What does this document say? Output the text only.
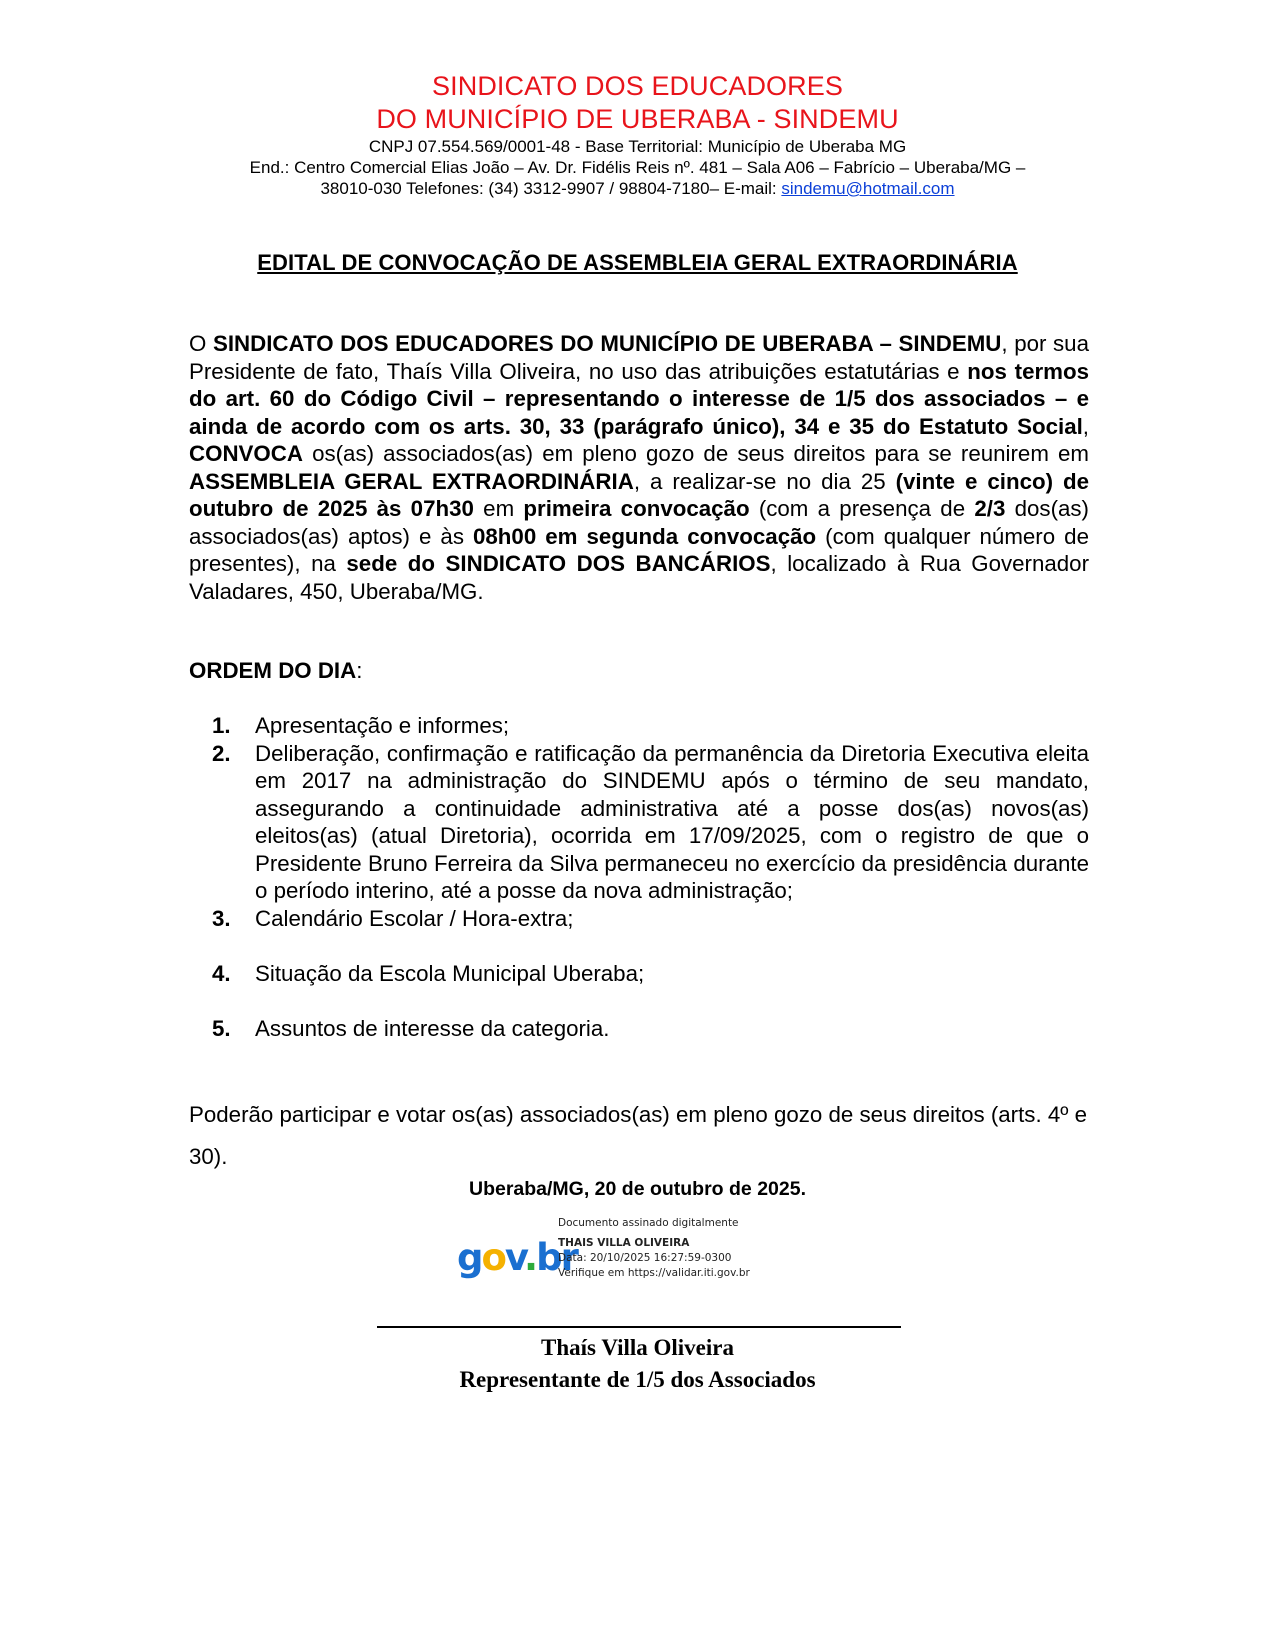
SINDICATO DOS EDUCADORES
DO MUNICÍPIO DE UBERABA - SINDEMU
CNPJ 07.554.569/0001-48 - Base Territorial: Município de Uberaba MG
End.: Centro Comercial Elias João – Av. Dr. Fidélis Reis nº. 481 – Sala A06 – Fabrício – Uberaba/MG –
38010-030 Telefones: (34) 3312-9907 / 98804-7180– E-mail: sindemu@hotmail.com
EDITAL DE CONVOCAÇÃO DE ASSEMBLEIA GERAL EXTRAORDINÁRIA
O SINDICATO DOS EDUCADORES DO MUNICÍPIO DE UBERABA – SINDEMU, por sua Presidente de fato, Thaís Villa Oliveira, no uso das atribuições estatutárias e nos termos do art. 60 do Código Civil – representando o interesse de 1/5 dos associados – e ainda de acordo com os arts. 30, 33 (parágrafo único), 34 e 35 do Estatuto Social, CONVOCA os(as) associados(as) em pleno gozo de seus direitos para se reunirem em ASSEMBLEIA GERAL EXTRAORDINÁRIA, a realizar-se no dia 25 (vinte e cinco) de outubro de 2025 às 07h30 em primeira convocação (com a presença de 2/3 dos(as) associados(as) aptos) e às 08h00 em segunda convocação (com qualquer número de presentes), na sede do SINDICATO DOS BANCÁRIOS, localizado à Rua Governador Valadares, 450, Uberaba/MG.
ORDEM DO DIA:
1. Apresentação e informes;
2. Deliberação, confirmação e ratificação da permanência da Diretoria Executiva eleita em 2017 na administração do SINDEMU após o término de seu mandato, assegurando a continuidade administrativa até a posse dos(as) novos(as) eleitos(as) (atual Diretoria), ocorrida em 17/09/2025, com o registro de que o Presidente Bruno Ferreira da Silva permaneceu no exercício da presidência durante o período interino, até a posse da nova administração;
3. Calendário Escolar / Hora-extra;
4. Situação da Escola Municipal Uberaba;
5. Assuntos de interesse da categoria.
Poderão participar e votar os(as) associados(as) em pleno gozo de seus direitos (arts. 4º e 30).
Uberaba/MG, 20 de outubro de 2025.
gov.br
Documento assinado digitalmente
THAIS VILLA OLIVEIRA
Data: 20/10/2025 16:27:59-0300
Verifique em https://validar.iti.gov.br
Thaís Villa Oliveira
Representante de 1/5 dos Associados
